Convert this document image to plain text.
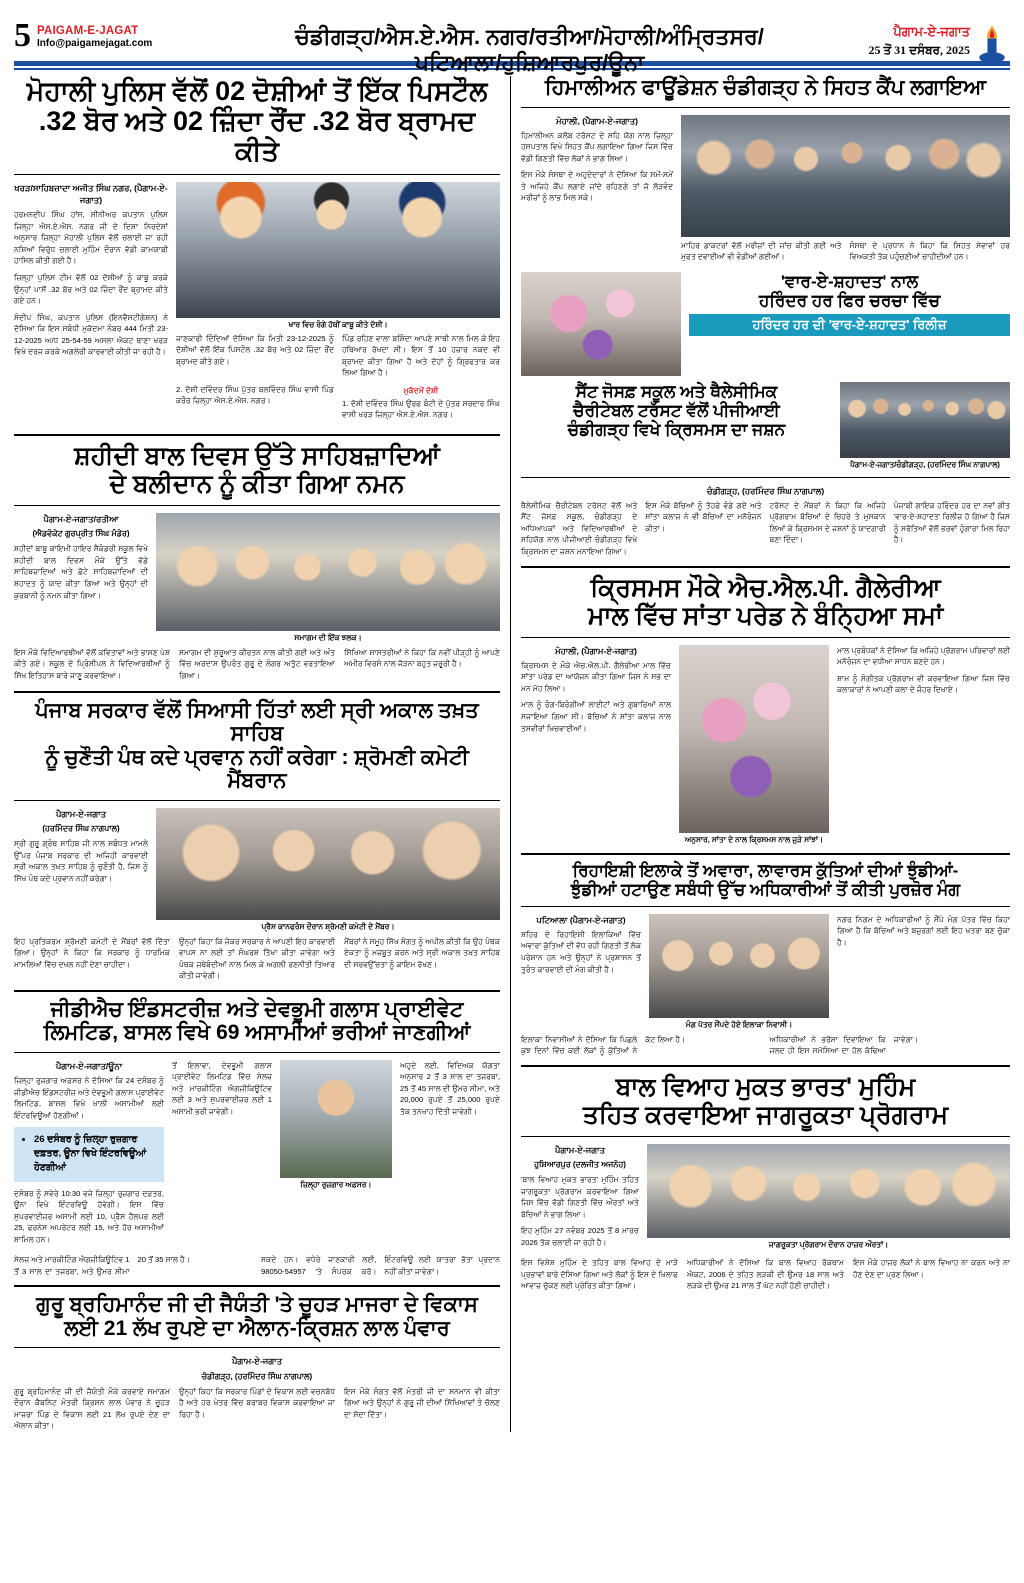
5 PAIGAM-E-JAGAT
Info@paigamejagat.com	ਚੰਡੀਗੜ੍ਹ/ਐਸ.ਏ.ਐਸ. ਨਗਰ/ਰਤੀਆ/ਮੋਹਾਲੀ/ਅੰਮ੍ਰਿਤਸਰ/ਪਟਿਆਲਾ/ਹੁਸ਼ਿਆਰਪੁਰ/ਊਨਾ
ਪੈਗਾਮ-ਏ-ਜਗਾਤ
25 ਤੋਂ 31 ਦਸੰਬਰ, 2025
ਮੋਹਾਲੀ ਪੁਲਿਸ ਵੱਲੋਂ 02 ਦੋਸ਼ੀਆਂ ਤੋਂ ਇੱਕ ਪਿਸਟੌਲ
.32 ਬੋਰ ਅਤੇ 02 ਜ਼ਿੰਦਾ ਰੌਂਦ .32 ਬੋਰ ਬ੍ਰਾਮਦ ਕੀਤੇ
ਖਰੜ/ਸਾਹਿਬਜ਼ਾਦਾ ਅਜੀਤ ਸਿੰਘ ਨਗਰ, (ਪੈਗਾਮ-ਏ-ਜਗਾਤ)

ਹਰਮਨਦੀਪ ਸਿੰਘ ਹਾਂਸ, ਸੀਨੀਅਰ ਕਪਤਾਨ ਪੁਲਿਸ ਜ਼ਿਲ੍ਹਾ ਐਸ.ਏ.ਐਸ. ਨਗਰ ਜੀ ਦੇ ਦਿਸ਼ਾ ਨਿਰਦੇਸ਼ਾਂ ਅਨੁਸਾਰ ਜ਼ਿਲ੍ਹਾ ਮੋਹਾਲੀ ਪੁਲਿਸ ਵੱਲੋਂ ਚਲਾਈ ਜਾ ਰਹੀ ਨਸ਼ਿਆਂ ਵਿਰੁੱਧ ਚਲਾਈ ਮੁਹਿੰਮ ਦੌਰਾਨ ਵੱਡੀ ਕਾਮਯਾਬੀ ਹਾਸਿਲ ਕੀਤੀ ਗਈ ਹੈ।

ਜ਼ਿਲ੍ਹਾ ਪੁਲਿਸ ਟੀਮ ਵੱਲੋਂ 02 ਦੋਸ਼ੀਆਂ ਨੂੰ ਕਾਬੂ ਕਰਕੇ ਉਨ੍ਹਾਂ ਪਾਸੋਂ .32 ਬੋਰ ਅਤੇ 02 ਜ਼ਿੰਦਾ ਰੌਂਦ ਬ੍ਰਾਮਦ ਕੀਤੇ ਗਏ ਹਨ।

ਸੰਦੀਪ ਸਿੰਘ, ਕਪਤਾਨ ਪੁਲਿਸ (ਇਨਵੈਸਟੀਗੇਸ਼ਨ) ਨੇ ਦੱਸਿਆ ਕਿ ਇਸ ਸਬੰਧੀ ਮੁਕੱਦਮਾ ਨੰਬਰ 444 ਮਿਤੀ 23-12-2025 ਅ/ਧ 25-54-59 ਅਸਲਾ ਐਕਟ ਥਾਣਾ ਖਰੜ ਵਿਖੇ ਦਰਜ ਕਰਕੇ ਅਗਲੇਰੀ ਕਾਰਵਾਈ ਕੀਤੀ ਜਾ ਰਹੀ ਹੈ।

ਖਾਰ ਵਿਚ ਰੰਗੇ ਹੱਥੀਂ ਕਾਬੂ ਕੀਤੇ ਦੋਸ਼ੀ।

ਜਾਣਕਾਰੀ ਦਿੰਦਿਆਂ ਦੱਸਿਆ ਕਿ ਮਿਤੀ 23-12-2025 ਨੂੰ ਦੋਸ਼ੀਆਂ ਵੱਲੋਂ ਇੱਕ ਪਿਸਟੌਲ .32 ਬੋਰ ਅਤੇ 02 ਜ਼ਿੰਦਾ ਰੌਂਦ ਬ੍ਰਾਮਦ ਕੀਤੇ ਗਏ।

ਪਿੰਡ ਰਹਿਣ ਵਾਲਾ ਬਸ਼ਿੰਦਾ ਆਪਣੇ ਸਾਥੀ ਨਾਲ ਮਿਲ ਕੇ ਇਹ ਹਥਿਆਰ ਰੱਖਦਾ ਸੀ। ਇਸ ਤੋਂ 10 ਹਜ਼ਾਰ ਨਕਦ ਵੀ ਬ੍ਰਾਮਦ ਕੀਤਾ ਗਿਆ ਹੈ ਅਤੇ ਦੋਹਾਂ ਨੂੰ ਗ੍ਰਿਫਤਾਰ ਕਰ ਲਿਆ ਗਿਆ ਹੈ।

2. ਦੋਸ਼ੀ ਦਵਿੰਦਰ ਸਿੰਘ ਪੁੱਤਰ ਬਲਵਿੰਦਰ ਸਿੰਘ ਵਾਸੀ ਪਿੰਡ ਕਰੌਰ ਜ਼ਿਲ੍ਹਾ ਐਸ.ਏ.ਐਸ. ਨਗਰ।

ਮੁਕੱਦਮੇਂ ਦੋਸ਼ੀ

1. ਦੋਸ਼ੀ ਦਵਿੰਦਰ ਸਿੰਘ ਉਰਫ ਬੰਟੀ ਦੇ ਪੁੱਤਰ ਸਰਦਾਰ ਸਿੰਘ ਵਾਸੀ ਖਰੜ ਜ਼ਿਲ੍ਹਾ ਐਸ.ਏ.ਐਸ. ਨਗਰ।

ਸ਼ਹੀਦੀ ਬਾਲ ਦਿਵਸ ਉੱਤੇ ਸਾਹਿਬਜ਼ਾਦਿਆਂ
ਦੇ ਬਲੀਦਾਨ ਨੂੰ ਕੀਤਾ ਗਿਆ ਨਮਨ
ਪੈਗਾਮ-ਏ-ਜਗਾਤ/ਰਤੀਆ
(ਐਡਵੋਕੇਟ ਗੁਰਪ੍ਰੀਤ ਸਿੰਘ ਮੰਡੇਰ)

ਸ਼ਹੀਦਾਂ ਬਾਬੂ ਕਾਇਮੀ ਹਾਇਰ ਸੈਕੰਡਰੀ ਸਕੂਲ ਵਿਖੇ ਸ਼ਹੀਦੀ ਬਾਲ ਦਿਵਸ ਮੌਕੇ ਉੱਤੇ ਵੱਡੇ ਸਾਹਿਬਜ਼ਾਦਿਆਂ ਅਤੇ ਛੋਟੇ ਸਾਹਿਬਜ਼ਾਦਿਆਂ ਦੀ ਸ਼ਹਾਦਤ ਨੂੰ ਯਾਦ ਕੀਤਾ ਗਿਆ ਅਤੇ ਉਨ੍ਹਾਂ ਦੀ ਕੁਰਬਾਨੀ ਨੂੰ ਨਮਨ ਕੀਤਾ ਗਿਆ।

ਸਮਾਗਮ ਦੀ ਇੱਕ ਝਲਕ।

ਇਸ ਮੌਕੇ ਵਿਦਿਆਰਥੀਆਂ ਵੱਲੋਂ ਕਵਿਤਾਵਾਂ ਅਤੇ ਭਾਸ਼ਣ ਪੇਸ਼ ਕੀਤੇ ਗਏ। ਸਕੂਲ ਦੇ ਪ੍ਰਿੰਸੀਪਲ ਨੇ ਵਿਦਿਆਰਥੀਆਂ ਨੂੰ ਸਿੱਖ ਇਤਿਹਾਸ ਬਾਰੇ ਜਾਣੂ ਕਰਵਾਇਆ।

ਸਮਾਗਮ ਦੀ ਸ਼ੁਰੂਆਤ ਕੀਰਤਨ ਨਾਲ ਕੀਤੀ ਗਈ ਅਤੇ ਅੰਤ ਵਿੱਚ ਅਰਦਾਸ ਉਪਰੰਤ ਗੁਰੂ ਦੇ ਲੰਗਰ ਅਤੁੱਟ ਵਰਤਾਇਆ ਗਿਆ।

ਸਿੱਖਿਆ ਸ਼ਾਸਤਰੀਆਂ ਨੇ ਕਿਹਾ ਕਿ ਨਵੀਂ ਪੀੜ੍ਹੀ ਨੂੰ ਆਪਣੇ ਅਮੀਰ ਵਿਰਸੇ ਨਾਲ ਜੋੜਨਾ ਬਹੁਤ ਜ਼ਰੂਰੀ ਹੈ।

ਪੰਜਾਬ ਸਰਕਾਰ ਵੱਲੋਂ ਸਿਆਸੀ ਹਿੱਤਾਂ ਲਈ ਸ੍ਰੀ ਅਕਾਲ ਤਖ਼ਤ ਸਾਹਿਬ
ਨੂੰ ਚੁਣੌਤੀ ਪੰਥ ਕਦੇ ਪ੍ਰਵਾਨ ਨਹੀਂ ਕਰੇਗਾ : ਸ਼੍ਰੋਮਣੀ ਕਮੇਟੀ ਮੈਂਬਰਾਨ
ਪੈਗਾਮ-ਏ-ਜਗਾਤ
(ਹਰਮਿੰਦਰ ਸਿੰਘ ਨਾਗਪਾਲ)

ਸ੍ਰੀ ਗੁਰੂ ਗ੍ਰੰਥ ਸਾਹਿਬ ਜੀ ਨਾਲ ਸਬੰਧਤ ਮਾਮਲੇ ਉੱਪਰ ਪੰਜਾਬ ਸਰਕਾਰ ਦੀ ਅਜਿਹੀ ਕਾਰਵਾਈ ਸ੍ਰੀ ਅਕਾਲ ਤਖ਼ਤ ਸਾਹਿਬ ਨੂੰ ਚੁਣੌਤੀ ਹੈ, ਜਿਸ ਨੂੰ ਸਿੱਖ ਪੰਥ ਕਦੇ ਪ੍ਰਵਾਨ ਨਹੀਂ ਕਰੇਗਾ।

ਪ੍ਰੈਸ ਕਾਨਫਰੰਸ ਦੌਰਾਨ ਸ਼੍ਰੋਮਣੀ ਕਮੇਟੀ ਦੇ ਮੈਂਬਰ।

ਇਹ ਪ੍ਰਤਿਕਰਮ ਸ਼੍ਰੋਮਣੀ ਕਮੇਟੀ ਦੇ ਮੈਂਬਰਾਂ ਵੱਲੋਂ ਦਿੱਤਾ ਗਿਆ। ਉਨ੍ਹਾਂ ਨੇ ਕਿਹਾ ਕਿ ਸਰਕਾਰ ਨੂੰ ਧਾਰਮਿਕ ਮਾਮਲਿਆਂ ਵਿੱਚ ਦਖਲ ਨਹੀਂ ਦੇਣਾ ਚਾਹੀਦਾ।

ਉਨ੍ਹਾਂ ਕਿਹਾ ਕਿ ਜੇਕਰ ਸਰਕਾਰ ਨੇ ਆਪਣੀ ਇਹ ਕਾਰਵਾਈ ਵਾਪਸ ਨਾ ਲਈ ਤਾਂ ਸੰਘਰਸ਼ ਤਿੱਖਾ ਕੀਤਾ ਜਾਵੇਗਾ ਅਤੇ ਪੰਥਕ ਜਥੇਬੰਦੀਆਂ ਨਾਲ ਮਿਲ ਕੇ ਅਗਲੀ ਰਣਨੀਤੀ ਤਿਆਰ ਕੀਤੀ ਜਾਵੇਗੀ।

ਮੈਂਬਰਾਂ ਨੇ ਸਮੂਹ ਸਿੱਖ ਸੰਗਤ ਨੂੰ ਅਪੀਲ ਕੀਤੀ ਕਿ ਉਹ ਪੰਥਕ ਏਕਤਾ ਨੂੰ ਮਜ਼ਬੂਤ ਕਰਨ ਅਤੇ ਸ੍ਰੀ ਅਕਾਲ ਤਖ਼ਤ ਸਾਹਿਬ ਦੀ ਸਰਵਉੱਚਤਾ ਨੂੰ ਕਾਇਮ ਰੱਖਣ।

ਜੀਡੀਐਚ ਇੰਡਸਟਰੀਜ਼ ਅਤੇ ਦੇਵਭੂਮੀ ਗਲਾਸ ਪ੍ਰਾਈਵੇਟ
ਲਿਮਟਿਡ, ਬਾਸਲ ਵਿਖੇ 69 ਅਸਾਮੀਆਂ ਭਰੀਆਂ ਜਾਣਗੀਆਂ
ਪੈਗਾਮ-ਏ-ਜਗਾਤ/ਊਨਾ

ਜ਼ਿਲ੍ਹਾ ਰੁਜ਼ਗਾਰ ਅਫ਼ਸਰ ਨੇ ਦੱਸਿਆ ਕਿ 24 ਦਸੰਬਰ ਨੂੰ ਜੀਡੀਐਚ ਇੰਡਸਟਰੀਜ਼ ਅਤੇ ਦੇਵਭੂਮੀ ਗਲਾਸ ਪ੍ਰਾਈਵੇਟ ਲਿਮਟਿਡ, ਬਾਸਲ ਵਿਖੇ ਖਾਲੀ ਅਸਾਮੀਆਂ ਲਈ ਇੰਟਰਵਿਊਆਂ ਹੋਣਗੀਆਂ।

• 26 ਦਸੰਬਰ ਨੂੰ ਜ਼ਿਲ੍ਹਾ ਰੁਜ਼ਗਾਰ ਦਫ਼ਤਰ, ਊਨਾ ਵਿਖੇ ਇੰਟਰਵਿਊਆਂ ਹੋਣਗੀਆਂ

ਦਸੰਬਰ ਨੂੰ ਸਵੇਰੇ 10:30 ਵਜੇ ਜ਼ਿਲ੍ਹਾ ਰੁਜ਼ਗਾਰ ਦਫ਼ਤਰ, ਊਨਾ ਵਿਖੇ ਇੰਟਰਵਿਊ ਹੋਵੇਗੀ। ਇਸ ਵਿੱਚ ਸੁਪਰਵਾਈਜ਼ਰ ਅਸਾਮੀ ਲਈ 10, ਪ੍ਰੈਸ ਹੈਲਪਰ ਲਈ 25, ਫਰਨੇਸ ਅਪਰੇਟਰ ਲਈ 15, ਅਤੇ ਹੋਰ ਅਸਾਮੀਆਂ ਸ਼ਾਮਿਲ ਹਨ।

ਤੋਂ ਇਲਾਵਾ, ਦੇਵਭੂਮੀ ਗਲਾਸ ਪ੍ਰਾਈਵੇਟ ਲਿਮਟਿਡ ਵਿੱਚ ਸੇਲਜ਼ ਅਤੇ ਮਾਰਕੀਟਿੰਗ ਐਗਜ਼ੀਕਿਊਟਿਵ ਲਈ 3 ਅਤੇ ਸੁਪਰਵਾਈਜ਼ਰ ਲਈ 1 ਅਸਾਮੀ ਭਰੀ ਜਾਵੇਗੀ।

ਜ਼ਿਲ੍ਹਾ ਰੁਜ਼ਗਾਰ ਅਫ਼ਸਰ।

ਅਹੁਦੇ ਲਈ, ਵਿਦਿਅਕ ਯੋਗਤਾ ਅਨੁਸਾਰ 2 ਤੋਂ 3 ਸਾਲ ਦਾ ਤਜਰਬਾ, 25 ਤੋਂ 45 ਸਾਲ ਦੀ ਉਮਰ ਸੀਮਾ, ਅਤੇ 20,000 ਰੁਪਏ ਤੋਂ 25,000 ਰੁਪਏ ਤੱਕ ਤਨਖਾਹ ਦਿੱਤੀ ਜਾਵੇਗੀ।

ਸੇਲਜ਼ ਅਤੇ ਮਾਰਕੀਟਿੰਗ ਐਗਜ਼ੀਕਿਊਟਿਵ 1 ਤੋਂ 3 ਸਾਲ ਦਾ ਤਜਰਬਾ, ਅਤੇ ਉਮਰ ਸੀਮਾ 20 ਤੋਂ 35 ਸਾਲ ਹੈ।	ਸਕਦੇ ਹਨ। ਵਧੇਰੇ ਜਾਣਕਾਰੀ ਲਈ, 98050-54957 'ਤੇ ਸੰਪਰਕ ਕਰੋ। ਇੰਟਰਵਿਊ ਲਈ ਯਾਤਰਾ ਭੱਤਾ ਪ੍ਰਦਾਨ ਨਹੀਂ ਕੀਤਾ ਜਾਵੇਗਾ।

ਗੁਰੂ ਬ੍ਰਹਿਮਾਨੰਦ ਜੀ ਦੀ ਜੈਯੰਤੀ 'ਤੇ ਚੂਹੜ ਮਾਜਰਾ ਦੇ ਵਿਕਾਸ
ਲਈ 21 ਲੱਖ ਰੁਪਏ ਦਾ ਐਲਾਨ-ਕ੍ਰਿਸ਼ਨ ਲਾਲ ਪੰਵਾਰ
ਪੈਗਾਮ-ਏ-ਜਗਾਤ
ਚੰਡੀਗੜ੍ਹ, (ਹਰਮਿੰਦਰ ਸਿੰਘ ਨਾਗਪਾਲ)

ਗੁਰੂ ਬ੍ਰਹਿਮਾਨੰਦ ਜੀ ਦੀ ਜੈਯੰਤੀ ਮੌਕੇ ਕਰਵਾਏ ਸਮਾਗਮ ਦੌਰਾਨ ਕੈਬਨਿਟ ਮੰਤਰੀ ਕ੍ਰਿਸ਼ਨ ਲਾਲ ਪੰਵਾਰ ਨੇ ਚੂਹੜ ਮਾਜਰਾ ਪਿੰਡ ਦੇ ਵਿਕਾਸ ਲਈ 21 ਲੱਖ ਰੁਪਏ ਦੇਣ ਦਾ ਐਲਾਨ ਕੀਤਾ।

ਉਨ੍ਹਾਂ ਕਿਹਾ ਕਿ ਸਰਕਾਰ ਪਿੰਡਾਂ ਦੇ ਵਿਕਾਸ ਲਈ ਵਚਨਬੱਧ ਹੈ ਅਤੇ ਹਰ ਖੇਤਰ ਵਿੱਚ ਬਰਾਬਰ ਵਿਕਾਸ ਕਰਵਾਇਆ ਜਾ ਰਿਹਾ ਹੈ।

ਇਸ ਮੌਕੇ ਸੰਗਤ ਵੱਲੋਂ ਮੰਤਰੀ ਜੀ ਦਾ ਸਨਮਾਨ ਵੀ ਕੀਤਾ ਗਿਆ ਅਤੇ ਉਨ੍ਹਾਂ ਨੇ ਗੁਰੂ ਜੀ ਦੀਆਂ ਸਿੱਖਿਆਵਾਂ ਤੇ ਚੱਲਣ ਦਾ ਸੱਦਾ ਦਿੱਤਾ।

ਹਿਮਾਲੀਅਨ ਫਾਊਂਡੇਸ਼ਨ ਚੰਡੀਗੜ੍ਹ ਨੇ ਸਿਹਤ ਕੈਂਪ ਲਗਾਇਆ
ਮੋਹਾਲੀ, (ਪੈਗਾਮ-ਏ-ਜਗਾਤ)

ਹਿਮਾਲੀਅਨ ਕਲੱਬ ਟਰੱਸਟ ਦੇ ਸਹਿ ਯੋਗ ਨਾਲ ਜ਼ਿਲ੍ਹਾ ਹਸਪਤਾਲ ਵਿਖੇ ਸਿਹਤ ਕੈਂਪ ਲਗਾਇਆ ਗਿਆ ਜਿਸ ਵਿੱਚ ਵੱਡੀ ਗਿਣਤੀ ਵਿੱਚ ਲੋਕਾਂ ਨੇ ਭਾਗ ਲਿਆ।

ਇਸ ਮੌਕੇ ਸੰਸਥਾ ਦੇ ਅਹੁਦੇਦਾਰਾਂ ਨੇ ਦੱਸਿਆ ਕਿ ਸਮੇਂ-ਸਮੇਂ ਤੇ ਅਜਿਹੇ ਕੈਂਪ ਲਗਾਏ ਜਾਂਦੇ ਰਹਿਣਗੇ ਤਾਂ ਜੋ ਲੋੜਵੰਦ ਮਰੀਜ਼ਾਂ ਨੂੰ ਲਾਭ ਮਿਲ ਸਕੇ।

ਮਾਹਿਰ ਡਾਕਟਰਾਂ ਵੱਲੋਂ ਮਰੀਜ਼ਾਂ ਦੀ ਜਾਂਚ ਕੀਤੀ ਗਈ ਅਤੇ ਮੁਫਤ ਦਵਾਈਆਂ ਵੀ ਵੰਡੀਆਂ ਗਈਆਂ।

ਸੰਸਥਾ ਦੇ ਪ੍ਰਧਾਨ ਨੇ ਕਿਹਾ ਕਿ ਸਿਹਤ ਸੇਵਾਵਾਂ ਹਰ ਵਿਅਕਤੀ ਤੱਕ ਪਹੁੰਚਣੀਆਂ ਚਾਹੀਦੀਆਂ ਹਨ।

'ਵਾਰ-ਏ-ਸ਼ਹਾਦਤ' ਨਾਲ
ਹਰਿੰਦਰ ਹਰ ਫਿਰ ਚਰਚਾ ਵਿੱਚ
ਹਰਿੰਦਰ ਹਰ ਦੀ 'ਵਾਰ-ਏ-ਸ਼ਹਾਦਤ' ਰਿਲੀਜ਼
ਸੈਂਟ ਜੋਸਫ਼ ਸਕੂਲ ਅਤੇ ਥੈਲੇਸੀਮਿਕ
ਚੈਰੀਟੇਬਲ ਟਰੱਸਟ ਵੱਲੋਂ ਪੀਜੀਆਈ
ਚੰਡੀਗੜ੍ਹ ਵਿਖੇ ਕ੍ਰਿਸਮਸ ਦਾ ਜਸ਼ਨ
ਪੈਗਾਮ-ਏ-ਜਗਾਤ/ਚੰਡੀਗੜ੍ਹ, (ਹਰਮਿੰਦਰ ਸਿੰਘ ਨਾਗਪਾਲ)
ਚੰਡੀਗੜ੍ਹ, (ਹਰਮਿੰਦਰ ਸਿੰਘ ਨਾਗਪਾਲ)

ਥੈਲੇਸੀਮਿਕ ਚੈਰੀਟੇਬਲ ਟਰੱਸਟ ਵੱਲੋਂ ਅਤੇ ਸੈਂਟ ਜੋਸਫ਼ ਸਕੂਲ, ਚੰਡੀਗੜ੍ਹ ਦੇ ਅਧਿਆਪਕਾਂ ਅਤੇ ਵਿਦਿਆਰਥੀਆਂ ਦੇ ਸਹਿਯੋਗ ਨਾਲ ਪੀਜੀਆਈ ਚੰਡੀਗੜ੍ਹ ਵਿਖੇ ਕ੍ਰਿਸਮਸ ਦਾ ਜਸ਼ਨ ਮਨਾਇਆ ਗਿਆ।

ਇਸ ਮੌਕੇ ਬੱਚਿਆਂ ਨੂੰ ਤੋਹਫੇ ਵੰਡੇ ਗਏ ਅਤੇ ਸਾਂਤਾ ਕਲਾਜ਼ ਨੇ ਵੀ ਬੱਚਿਆਂ ਦਾ ਮਨੋਰੰਜਨ ਕੀਤਾ।

ਟਰੱਸਟ ਦੇ ਮੈਂਬਰਾਂ ਨੇ ਕਿਹਾ ਕਿ ਅਜਿਹੇ ਪ੍ਰੋਗਰਾਮ ਬੱਚਿਆਂ ਦੇ ਚਿਹਰੇ ਤੇ ਮੁਸਕਾਨ ਲਿਆਂ ਕੇ ਕ੍ਰਿਸਮਸ ਦੇ ਜਸ਼ਨਾਂ ਨੂੰ ਯਾਦਗਾਰੀ ਬਣਾ ਦਿੰਦਾ।

ਪੰਜਾਬੀ ਗਾਇਕ ਹਰਿੰਦਰ ਹਰ ਦਾ ਨਵਾਂ ਗੀਤ 'ਵਾਰ-ਏ-ਸ਼ਹਾਦਤ' ਰਿਲੀਜ਼ ਹੋ ਗਿਆ ਹੈ ਜਿਸ ਨੂੰ ਸਰੋਤਿਆਂ ਵੱਲੋਂ ਭਰਵਾਂ ਹੁੰਗਾਰਾ ਮਿਲ ਰਿਹਾ ਹੈ।

ਕ੍ਰਿਸਮਸ ਮੌਕੇ ਐਚ.ਐਲ.ਪੀ. ਗੈਲੇਰੀਆ
ਮਾਲ ਵਿੱਚ ਸਾਂਤਾ ਪਰੇਡ ਨੇ ਬੰਨ੍ਹਿਆ ਸਮਾਂ
ਮੋਹਾਲੀ, (ਪੈਗਾਮ-ਏ-ਜਗਾਤ)

ਕ੍ਰਿਸਮਸ ਦੇ ਮੌਕੇ ਐਚ.ਐਲ.ਪੀ. ਗੈਲੇਰੀਆ ਮਾਲ ਵਿੱਚ ਸਾਂਤਾ ਪਰੇਡ ਦਾ ਆਯੋਜਨ ਕੀਤਾ ਗਿਆ ਜਿਸ ਨੇ ਸਭ ਦਾ ਮਨ ਮੋਹ ਲਿਆ।

ਮਾਲ ਨੂੰ ਰੰਗ-ਬਿਰੰਗੀਆਂ ਲਾਈਟਾਂ ਅਤੇ ਗੁਬਾਰਿਆਂ ਨਾਲ ਸਜਾਇਆ ਗਿਆ ਸੀ। ਬੱਚਿਆਂ ਨੇ ਸਾਂਤਾ ਕਲਾਜ਼ ਨਾਲ ਤਸਵੀਰਾਂ ਖਿਚਵਾਈਆਂ।

ਅਨੁਸਾਰ, ਸਾਂਤਾ ਦੇ ਨਾਲ ਕ੍ਰਿਸਮਸ ਨਾਲ ਜੁੜੇ ਸਾਂਝਾਂ।

ਮਾਲ ਪ੍ਰਬੰਧਕਾਂ ਨੇ ਦੱਸਿਆ ਕਿ ਅਜਿਹੇ ਪ੍ਰੋਗਰਾਮ ਪਰਿਵਾਰਾਂ ਲਈ ਮਨੋਰੰਜਨ ਦਾ ਵਧੀਆ ਸਾਧਨ ਬਣਦੇ ਹਨ।

ਸ਼ਾਮ ਨੂੰ ਸੰਗੀਤਕ ਪ੍ਰੋਗਰਾਮ ਵੀ ਕਰਵਾਇਆ ਗਿਆ ਜਿਸ ਵਿੱਚ ਕਲਾਕਾਰਾਂ ਨੇ ਆਪਣੀ ਕਲਾ ਦੇ ਜੌਹਰ ਦਿਖਾਏ।

ਰਿਹਾਇਸ਼ੀ ਇਲਾਕੇ ਤੋਂ ਅਵਾਰਾ, ਲਾਵਾਰਸ ਕੁੱਤਿਆਂ ਦੀਆਂ ਝੁੰਡੀਆਂ-
ਝੁੰਡੀਆਂ ਹਟਾਉਣ ਸਬੰਧੀ ਉੱਚ ਅਧਿਕਾਰੀਆਂ ਤੋਂ ਕੀਤੀ ਪੁਰਜ਼ੋਰ ਮੰਗ
ਪਟਿਆਲਾ (ਪੈਗਾਮ-ਏ-ਜਗਾਤ)

ਸ਼ਹਿਰ ਦੇ ਰਿਹਾਇਸ਼ੀ ਇਲਾਕਿਆਂ ਵਿੱਚ ਅਵਾਰਾ ਕੁੱਤਿਆਂ ਦੀ ਵੱਧ ਰਹੀ ਗਿਣਤੀ ਤੋਂ ਲੋਕ ਪਰੇਸ਼ਾਨ ਹਨ ਅਤੇ ਉਨ੍ਹਾਂ ਨੇ ਪ੍ਰਸ਼ਾਸਨ ਤੋਂ ਤੁਰੰਤ ਕਾਰਵਾਈ ਦੀ ਮੰਗ ਕੀਤੀ ਹੈ।

ਮੰਗ ਪੱਤਰ ਸੌਂਪਦੇ ਹੋਏ ਇਲਾਕਾ ਨਿਵਾਸੀ।

ਨਗਰ ਨਿਗਮ ਦੇ ਅਧਿਕਾਰੀਆਂ ਨੂੰ ਸੌਂਪੇ ਮੰਗ ਪੱਤਰ ਵਿੱਚ ਕਿਹਾ ਗਿਆ ਹੈ ਕਿ ਬੱਚਿਆਂ ਅਤੇ ਬਜ਼ੁਰਗਾਂ ਲਈ ਇਹ ਖਤਰਾ ਬਣ ਚੁੱਕਾ ਹੈ।

ਇਲਾਕਾ ਨਿਵਾਸੀਆਂ ਨੇ ਦੱਸਿਆ ਕਿ ਪਿਛਲੇ ਕੁਝ ਦਿਨਾਂ ਵਿੱਚ ਕਈ ਲੋਕਾਂ ਨੂੰ ਕੁੱਤਿਆਂ ਨੇ ਕੱਟ ਲਿਆ ਹੈ।	ਅਧਿਕਾਰੀਆਂ ਨੇ ਭਰੋਸਾ ਦਿਵਾਇਆ ਕਿ ਜਲਦ ਹੀ ਇਸ ਸਮੱਸਿਆ ਦਾ ਹੱਲ ਕੱਢਿਆ ਜਾਵੇਗਾ।

ਬਾਲ ਵਿਆਹ ਮੁਕਤ ਭਾਰਤ' ਮੁਹਿੰਮ
ਤਹਿਤ ਕਰਵਾਇਆ ਜਾਗਰੂਕਤਾ ਪ੍ਰੋਗਰਾਮ
ਪੈਗਾਮ-ਏ-ਜਗਾਤ
ਹੁਸ਼ਿਆਰਪੁਰ (ਦਲਜੀਤ ਅਜਨੋਹ)

'ਬਾਲ ਵਿਆਹ ਮੁਕਤ ਭਾਰਤ' ਮੁਹਿੰਮ ਤਹਿਤ ਜਾਗਰੂਕਤਾ ਪ੍ਰੋਗਰਾਮ ਕਰਵਾਇਆ ਗਿਆ ਜਿਸ ਵਿੱਚ ਵੱਡੀ ਗਿਣਤੀ ਵਿੱਚ ਔਰਤਾਂ ਅਤੇ ਬੱਚਿਆਂ ਨੇ ਭਾਗ ਲਿਆ।

ਇਹ ਮੁਹਿੰਮ 27 ਨਵੰਬਰ 2025 ਤੋਂ 8 ਮਾਰਚ 2026 ਤੱਕ ਚਲਾਈ ਜਾ ਰਹੀ ਹੈ।	ਜਾਗਰੂਕਤਾ ਪ੍ਰੋਗਰਾਮ ਦੌਰਾਨ ਹਾਜ਼ਰ ਔਰਤਾਂ।

ਇਸ ਵਿਸ਼ੇਸ਼ ਮੁਹਿੰਮ ਦੇ ਤਹਿਤ ਬਾਲ ਵਿਆਹ ਦੇ ਮਾੜੇ ਪ੍ਰਭਾਵਾਂ ਬਾਰੇ ਦੱਸਿਆ ਗਿਆ ਅਤੇ ਲੋਕਾਂ ਨੂੰ ਇਸ ਦੇ ਖਿਲਾਫ ਆਵਾਜ਼ ਚੁੱਕਣ ਲਈ ਪ੍ਰੇਰਿਤ ਕੀਤਾ ਗਿਆ।

ਅਧਿਕਾਰੀਆਂ ਨੇ ਦੱਸਿਆ ਕਿ ਬਾਲ ਵਿਆਹ ਰੋਕਥਾਮ ਐਕਟ, 2006 ਦੇ ਤਹਿਤ ਲੜਕੀ ਦੀ ਉਮਰ 18 ਸਾਲ ਅਤੇ ਲੜਕੇ ਦੀ ਉਮਰ 21 ਸਾਲ ਤੋਂ ਘੱਟ ਨਹੀਂ ਹੋਣੀ ਚਾਹੀਦੀ।

ਇਸ ਮੌਕੇ ਹਾਜ਼ਰ ਲੋਕਾਂ ਨੇ ਬਾਲ ਵਿਆਹ ਨਾ ਕਰਨ ਅਤੇ ਨਾ ਹੋਣ ਦੇਣ ਦਾ ਪ੍ਰਣ ਲਿਆ।
